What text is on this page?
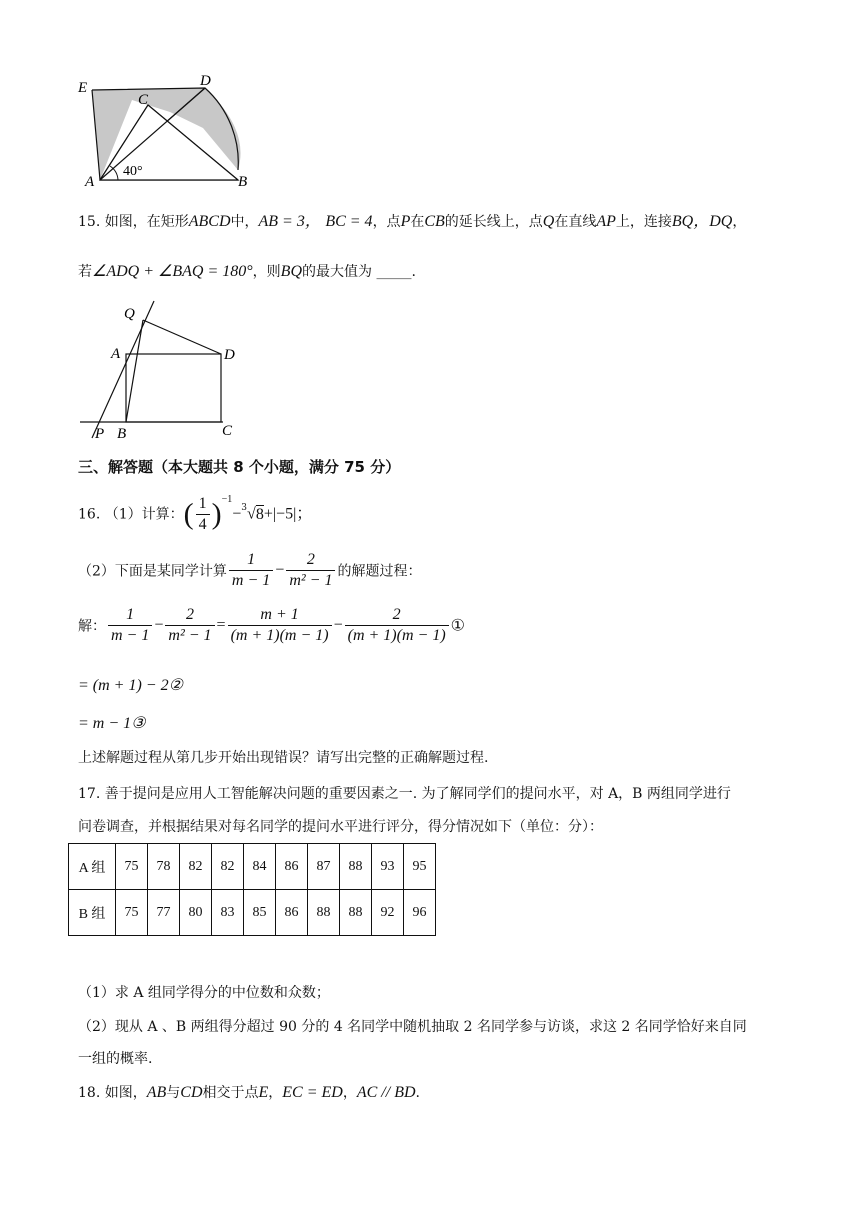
E	D
C
A	B
40°
15. 如图，在矩形ABCD中，AB = 3， BC = 4，点P在CB的延长线上，点Q在直线AP上，连接BQ，DQ，
若∠ADQ + ∠BAQ = 180°，则BQ的最大值为 _____.
Q
A	D
P B	C
三、解答题（本大题共 8 个小题，满分 75 分）
16. （1）计算：( $\frac{1}{4} )^{-1}-^3√8+|-5|$；
（2）下面是某同学计算 $\frac{1}{m - 1} - \frac{2}{\text{m² − 1}}$ 的解题过程：
解： $\frac{1}{m - 1} - \frac{2}{\text{m² − 1}} = \frac{m + 1}{(m + 1)(m - 1)} - \frac{2}{(m + 1)(m - 1)}$ ①
= (m + 1) − 2②
= m − 1③
上述解题过程从第几步开始出现错误？请写出完整的正确解题过程.
17. 善于提问是应用人工智能解决问题的重要因素之一. 为了解同学们的提问水平，对 A，B 两组同学进行
问卷调查，并根据结果对每名同学的提问水平进行评分，得分情况如下（单位：分）：
A 组	75	78	82	82	84	86	87	88	93	95
B 组	75	77	80	83	85	86	88	88	92	96
（1）求 A 组同学得分的中位数和众数；
（2）现从 A 、B 两组得分超过 90 分的 4 名同学中随机抽取 2 名同学参与访谈，求这 2 名同学恰好来自同
一组的概率.
18. 如图，AB与CD相交于点E，EC = ED，AC // BD.
